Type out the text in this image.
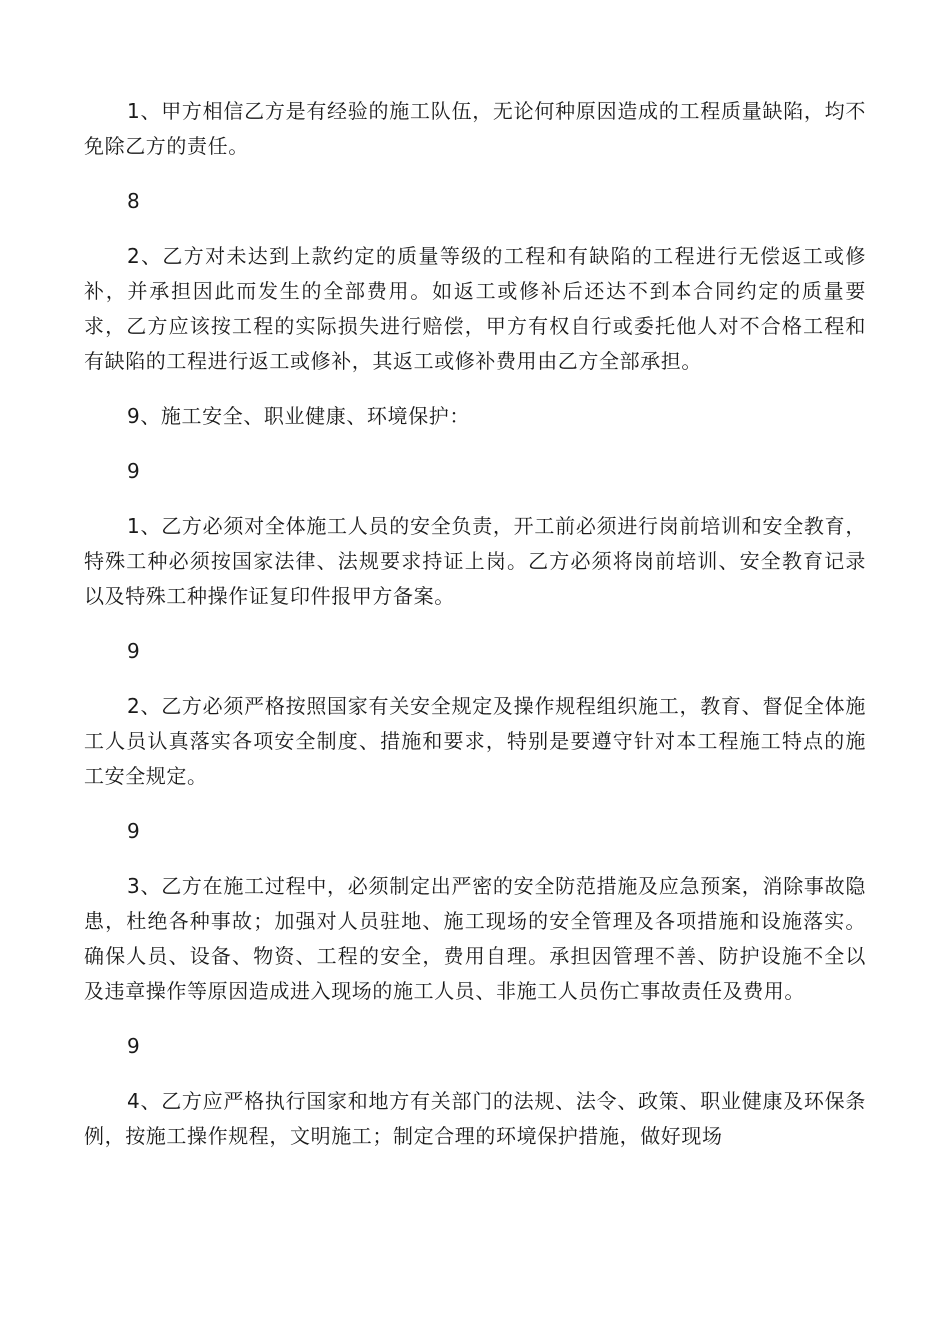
1、甲方相信乙方是有经验的施工队伍，无论何种原因造成的工程质量缺陷，均不免除乙方的责任。

8

2、乙方对未达到上款约定的质量等级的工程和有缺陷的工程进行无偿返工或修补，并承担因此而发生的全部费用。如返工或修补后还达不到本合同约定的质量要求，乙方应该按工程的实际损失进行赔偿，甲方有权自行或委托他人对不合格工程和有缺陷的工程进行返工或修补，其返工或修补费用由乙方全部承担。

9、施工安全、职业健康、环境保护：

9

1、乙方必须对全体施工人员的安全负责，开工前必须进行岗前培训和安全教育，特殊工种必须按国家法律、法规要求持证上岗。乙方必须将岗前培训、安全教育记录以及特殊工种操作证复印件报甲方备案。

9

2、乙方必须严格按照国家有关安全规定及操作规程组织施工，教育、督促全体施工人员认真落实各项安全制度、措施和要求，特别是要遵守针对本工程施工特点的施工安全规定。

9

3、乙方在施工过程中，必须制定出严密的安全防范措施及应急预案，消除事故隐患，杜绝各种事故；加强对人员驻地、施工现场的安全管理及各项措施和设施落实。确保人员、设备、物资、工程的安全，费用自理。承担因管理不善、防护设施不全以及违章操作等原因造成进入现场的施工人员、非施工人员伤亡事故责任及费用。

9

4、乙方应严格执行国家和地方有关部门的法规、法令、政策、职业健康及环保条例，按施工操作规程，文明施工；制定合理的环境保护措施，做好现场
